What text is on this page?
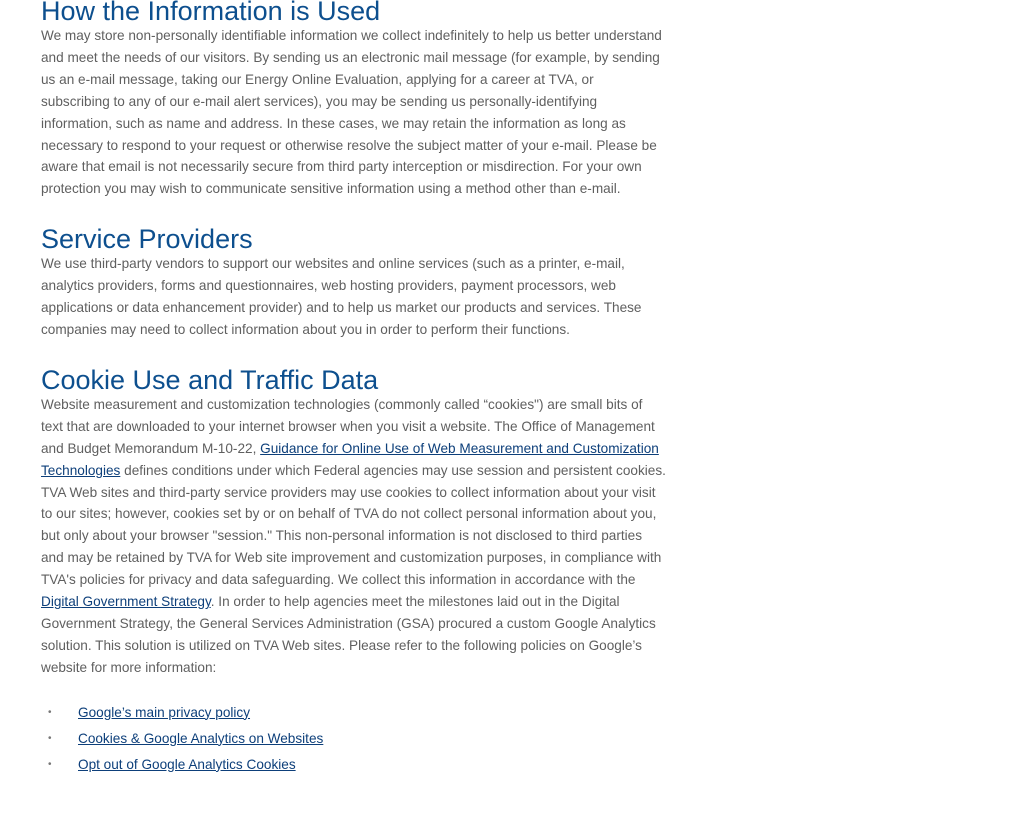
How the Information is Used

We may store non-personally identifiable information we collect indefinitely to help us better understand and meet the needs of our visitors. By sending us an electronic mail message (for example, by sending us an e-mail message, taking our Energy Online Evaluation, applying for a career at TVA, or subscribing to any of our e-mail alert services), you may be sending us personally-identifying information, such as name and address. In these cases, we may retain the information as long as necessary to respond to your request or otherwise resolve the subject matter of your e-mail. Please be aware that email is not necessarily secure from third party interception or misdirection. For your own protection you may wish to communicate sensitive information using a method other than e-mail.

Service Providers

We use third-party vendors to support our websites and online services (such as a printer, e-mail, analytics providers, forms and questionnaires, web hosting providers, payment processors, web applications or data enhancement provider) and to help us market our products and services. These companies may need to collect information about you in order to perform their functions.

Cookie Use and Traffic Data

Website measurement and customization technologies (commonly called “cookies") are small bits of text that are downloaded to your internet browser when you visit a website. The Office of Management and Budget Memorandum M-10-22, Guidance for Online Use of Web Measurement and Customization Technologies defines conditions under which Federal agencies may use session and persistent cookies. TVA Web sites and third-party service providers may use cookies to collect information about your visit to our sites; however, cookies set by or on behalf of TVA do not collect personal information about you, but only about your browser "session." This non-personal information is not disclosed to third parties and may be retained by TVA for Web site improvement and customization purposes, in compliance with TVA's policies for privacy and data safeguarding. We collect this information in accordance with the Digital Government Strategy. In order to help agencies meet the milestones laid out in the Digital Government Strategy, the General Services Administration (GSA) procured a custom Google Analytics solution. This solution is utilized on TVA Web sites. Please refer to the following policies on Google’s website for more information:

• Google’s main privacy policy
• Cookies & Google Analytics on Websites
• Opt out of Google Analytics Cookies
